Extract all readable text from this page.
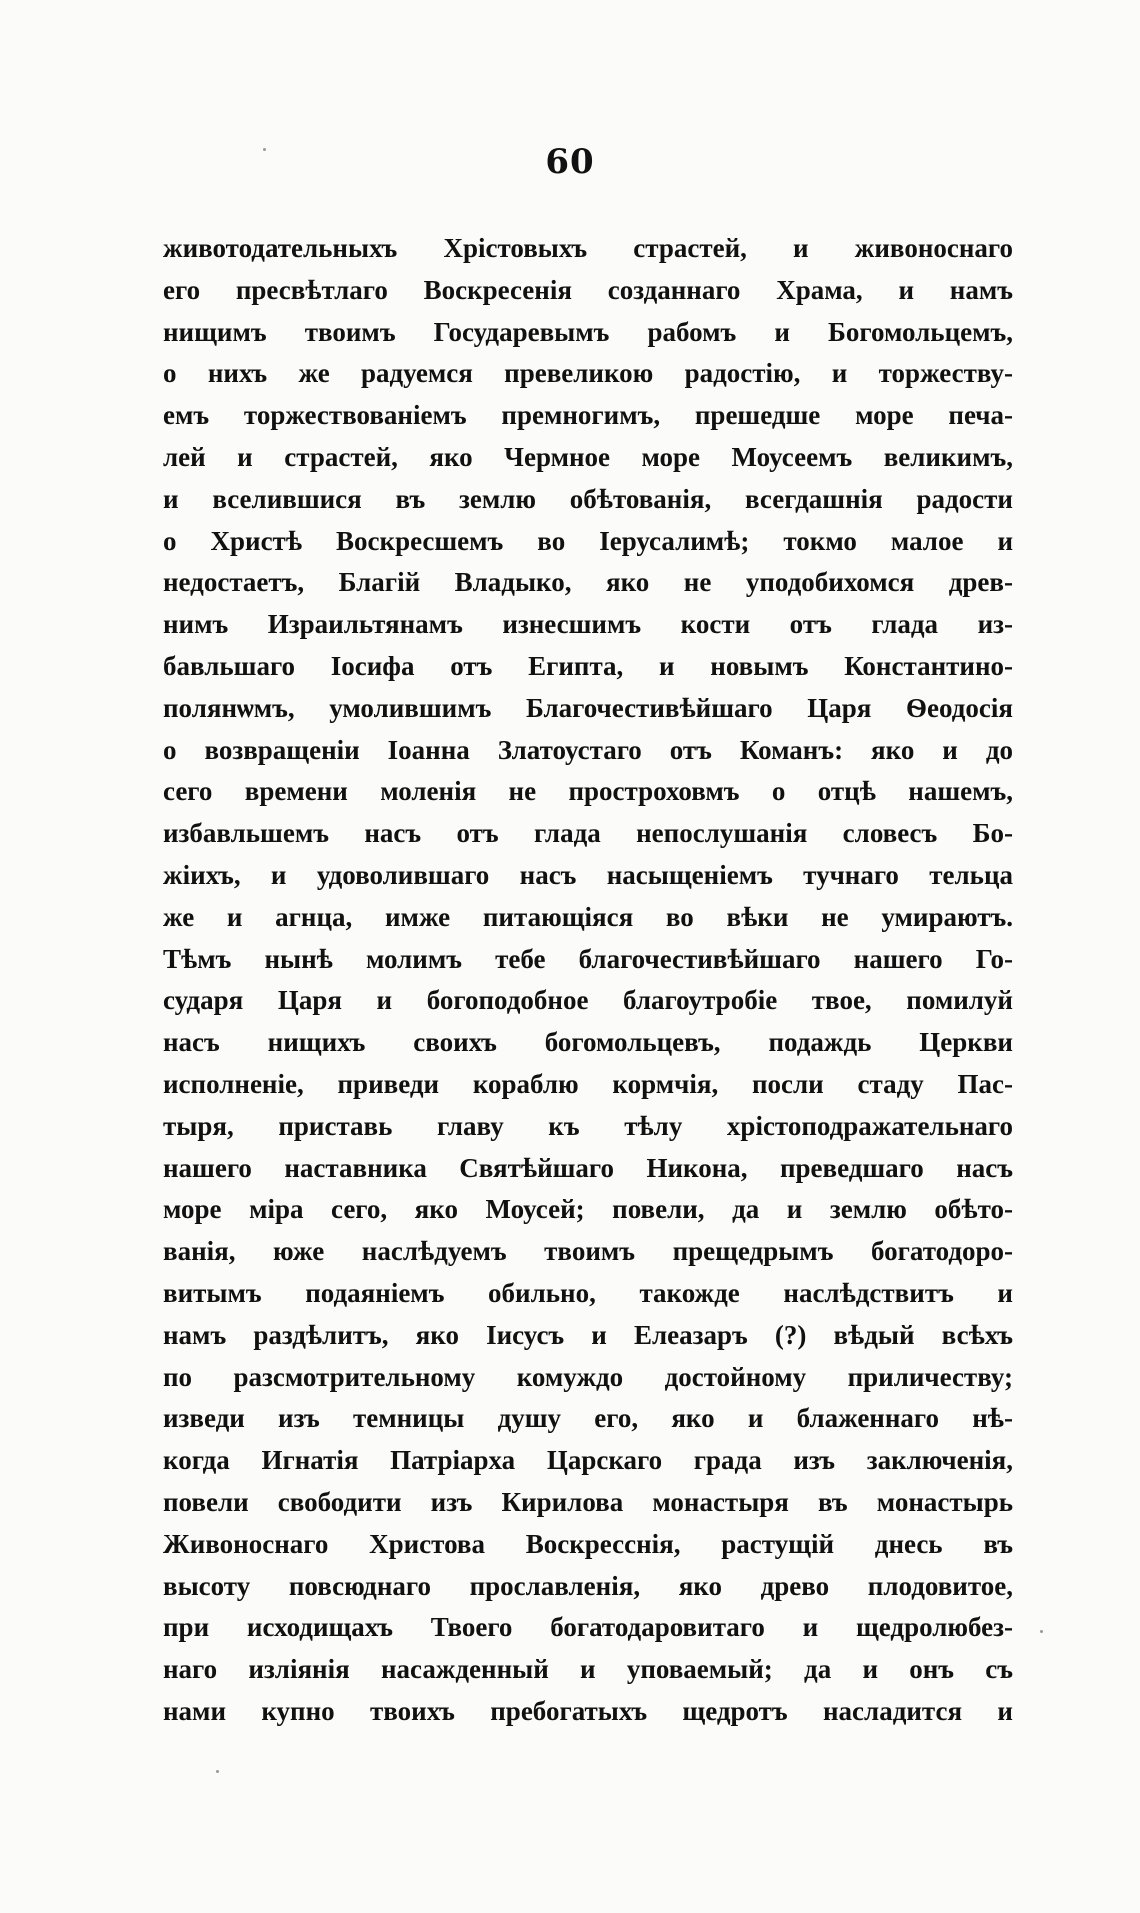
60
животодательныхъ Хрістовыхъ страстей, и живоноснаго
его пресвѣтлаго Воскресенія созданнаго Храма, и намъ
нищимъ твоимъ Государевымъ рабомъ и Богомольцемъ,
о нихъ же радуемся превеликою радостію, и торжеству-
емъ торжествованіемъ премногимъ, прешедше море печа-
лей и страстей, яко Чермное море Моусеемъ великимъ,
и вселившися въ землю обѣтованія, всегдашнія радости
о Христѣ Воскресшемъ во Іерусалимѣ; токмо малое и
недостаетъ, Благій Владыко, яко не уподобихомся древ-
нимъ Израильтянамъ изнесшимъ кости отъ глада из-
бавльшаго Іосифа отъ Египта, и новымъ Константино-
полянѡмъ, умолившимъ Благочестивѣйшаго Царя Ѳеодосія
о возвращеніи Іоанна Златоустаго отъ Команъ: яко и до
сего времени моленія не простроховмъ о отцѣ нашемъ,
избавльшемъ насъ отъ глада непослушанія словесъ Бо-
жіихъ, и удоволившаго насъ насыщеніемъ тучнаго тельца
же и агнца, имже питающіяся во вѣки не умираютъ.
Тѣмъ нынѣ молимъ тебе благочестивѣйшаго нашего Го-
сударя Царя и богоподобное благоутробіе твое, помилуй
насъ нищихъ своихъ богомольцевъ, подаждь Церкви
исполненіе, приведи кораблю кормчія, посли стаду Пас-
тыря, приставь главу къ тѣлу хрістоподражательнаго
нашего наставника Святѣйшаго Никона, преведшаго насъ
море міра сего, яко Моусей; повели, да и землю обѣто-
ванія, юже наслѣдуемъ твоимъ прещедрымъ богатодоро-
витымъ подаяніемъ обильно, такожде наслѣдствитъ и
намъ раздѣлитъ, яко Іисусъ и Елеазаръ (?) вѣдый всѣхъ
по разсмотрительному комуждо достойному приличеству;
изведи изъ темницы душу его, яко и блаженнаго нѣ-
когда Игнатія Патріарха Царскаго града изъ заключенія,
повели свободити изъ Кирилова монастыря въ монастырь
Живоноснаго Христова Воскресснія, растущій днесь въ
высоту повсюднаго прославленія, яко древо плодовитое,
при исходищахъ Твоего богатодаровитаго и щедролюбез-
наго изліянія насажденный и уповаемый; да и онъ съ
нами купно твоихъ пребогатыхъ щедротъ насладится и
